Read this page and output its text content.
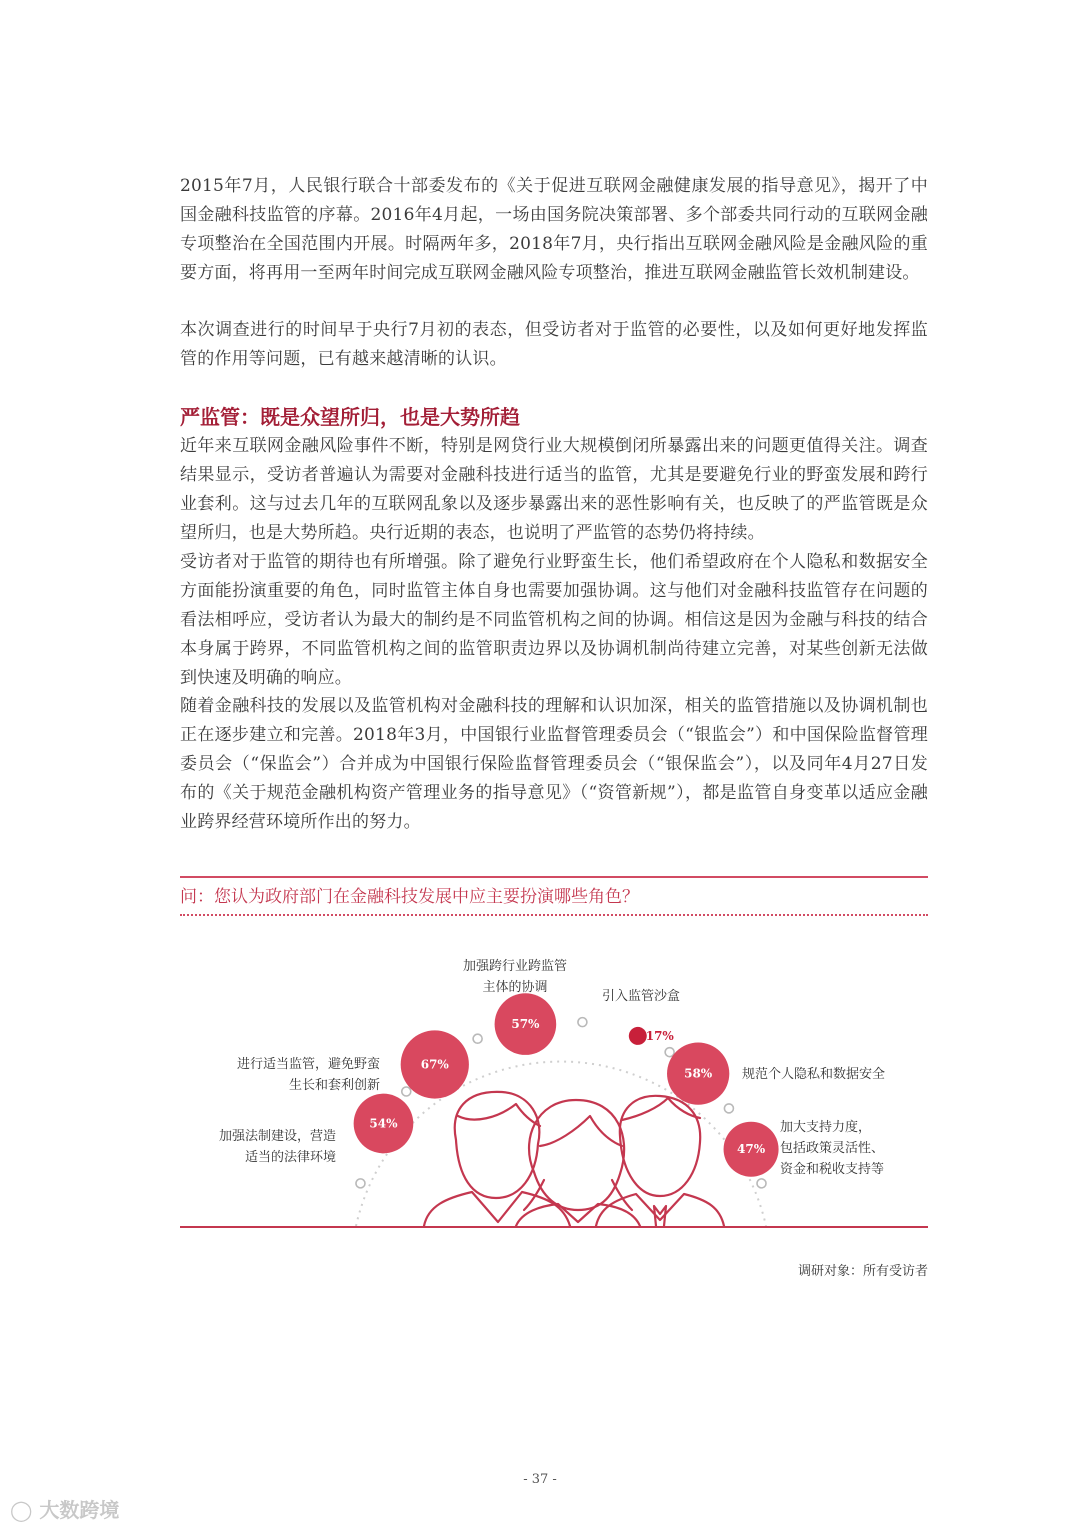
2015年7月，人民银行联合十部委发布的《关于促进互联网金融健康发展的指导意见》，揭开了中国金融科技监管的序幕。2016年4月起，一场由国务院决策部署、多个部委共同行动的互联网金融专项整治在全国范围内开展。时隔两年多，2018年7月，央行指出互联网金融风险是金融风险的重要方面，将再用一至两年时间完成互联网金融风险专项整治，推进互联网金融监管长效机制建设。

本次调查进行的时间早于央行7月初的表态，但受访者对于监管的必要性，以及如何更好地发挥监管的作用等问题，已有越来越清晰的认识。

严监管：既是众望所归，也是大势所趋

近年来互联网金融风险事件不断，特别是网贷行业大规模倒闭所暴露出来的问题更值得关注。调查结果显示，受访者普遍认为需要对金融科技进行适当的监管，尤其是要避免行业的野蛮发展和跨行业套利。这与过去几年的互联网乱象以及逐步暴露出来的恶性影响有关，也反映了的严监管既是众望所归，也是大势所趋。央行近期的表态，也说明了严监管的态势仍将持续。

受访者对于监管的期待也有所增强。除了避免行业野蛮生长，他们希望政府在个人隐私和数据安全方面能扮演重要的角色，同时监管主体自身也需要加强协调。这与他们对金融科技监管存在问题的看法相呼应，受访者认为最大的制约是不同监管机构之间的协调。相信这是因为金融与科技的结合本身属于跨界，不同监管机构之间的监管职责边界以及协调机制尚待建立完善，对某些创新无法做到快速及明确的响应。

随着金融科技的发展以及监管机构对金融科技的理解和认识加深，相关的监管措施以及协调机制也正在逐步建立和完善。2018年3月，中国银行业监督管理委员会（“银监会”）和中国保险监督管理委员会（“保监会”）合并成为中国银行保险监督管理委员会（“银保监会”），以及同年4月27日发布的《关于规范金融机构资产管理业务的指导意见》（“资管新规”），都是监管自身变革以适应金融业跨界经营环境所作出的努力。

问：您认为政府部门在金融科技发展中应主要扮演哪些角色？

54%
67%
57%
17%
58%
47%
加强法制建设，营造
适当的法律环境
进行适当监管，避免野蛮
生长和套利创新
加强跨行业跨监管
主体的协调
引入监管沙盒
规范个人隐私和数据安全
加大支持力度，
包括政策灵活性、
资金和税收支持等
调研对象：所有受访者
- 37 -
◯ 大数跨境
